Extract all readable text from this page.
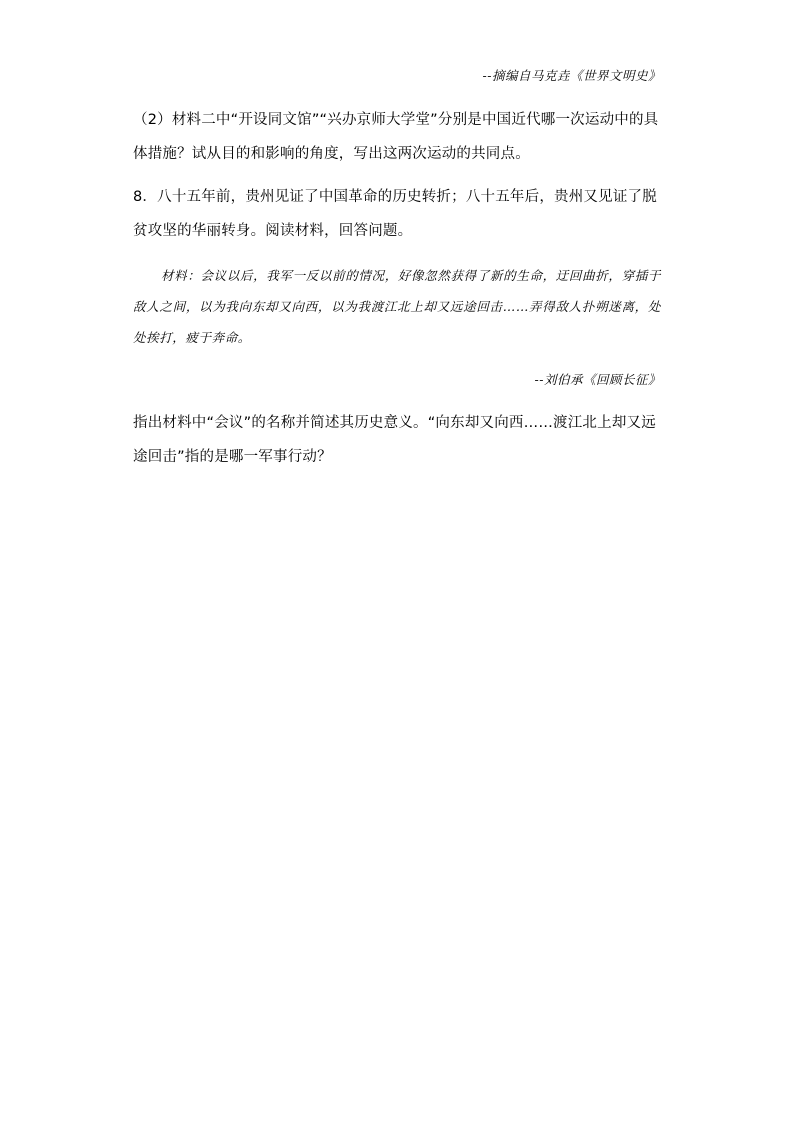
--摘编自马克垚《世界文明史》

（2）材料二中“开设同文馆”“兴办京师大学堂”分别是中国近代哪一次运动中的具体措施？试从目的和影响的角度，写出这两次运动的共同点。

8．八十五年前，贵州见证了中国革命的历史转折；八十五年后，贵州又见证了脱贫攻坚的华丽转身。阅读材料，回答问题。

材料：会议以后，我军一反以前的情况，好像忽然获得了新的生命，迂回曲折，穿插于敌人之间，以为我向东却又向西，以为我渡江北上却又远途回击……弄得敌人扑朔迷离，处处挨打，疲于奔命。

--刘伯承《回顾长征》

指出材料中“会议”的名称并简述其历史意义。“向东却又向西……渡江北上却又远途回击”指的是哪一军事行动？
